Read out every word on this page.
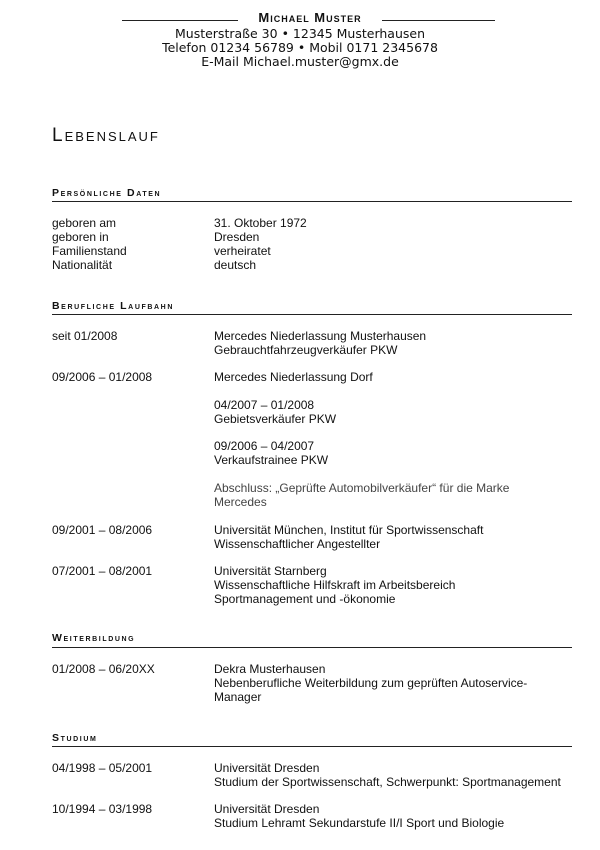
Michael Muster
Musterstraße 30 • 12345 Musterhausen
Telefon 01234 56789 • Mobil 0171 2345678
E-Mail Michael.muster@gmx.de
Lebenslauf
Persönliche Daten
geboren am	31. Oktober 1972
geboren in	Dresden
Familienstand	verheiratet
Nationalität	deutsch
Berufliche Laufbahn
seit 01/2008	Mercedes Niederlassung Musterhausen
Gebrauchtfahrzeugverkäufer PKW
09/2006 – 01/2008	Mercedes Niederlassung Dorf
04/2007 – 01/2008
Gebietsverkäufer PKW
09/2006 – 04/2007
Verkaufstrainee PKW
Abschluss: „Geprüfte Automobilverkäufer“ für die Marke
Mercedes
09/2001 – 08/2006	Universität München, Institut für Sportwissenschaft
Wissenschaftlicher Angestellter
07/2001 – 08/2001	Universität Starnberg
Wissenschaftliche Hilfskraft im Arbeitsbereich
Sportmanagement und -ökonomie
Weiterbildung
01/2008 – 06/20XX	Dekra Musterhausen
Nebenberufliche Weiterbildung zum geprüften Autoservice-
Manager
Studium
04/1998 – 05/2001	Universität Dresden
Studium der Sportwissenschaft, Schwerpunkt: Sportmanagement
10/1994 – 03/1998	Universität Dresden
Studium Lehramt Sekundarstufe II/I Sport und Biologie
